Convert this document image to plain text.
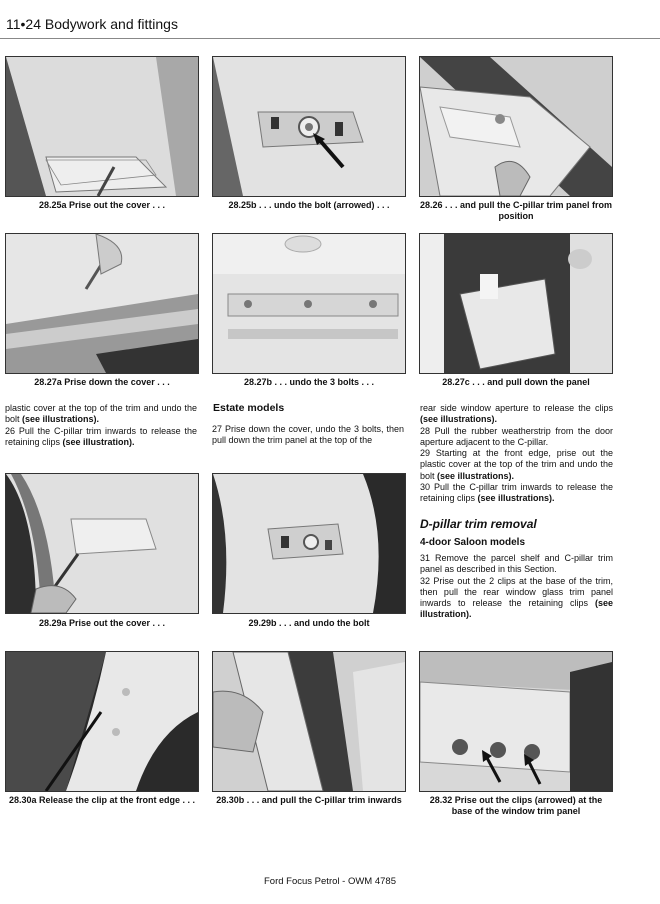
11•24 Bodywork and fittings
28.25a Prise out the cover . . .	28.25b . . . undo the bolt (arrowed) . . .	28.26 . . . and pull the C-pillar trim panel from position
28.27a Prise down the cover . . .	28.27b . . . undo the 3 bolts . . .	28.27c . . . and pull down the panel

plastic cover at the top of the trim and undo the bolt (see illustrations).

26 Pull the C-pillar trim inwards to release the retaining clips (see illustration).

Estate models

27 Prise down the cover, undo the 3 bolts, then pull down the trim panel at the top of the

rear side window aperture to release the clips (see illustrations).

28 Pull the rubber weatherstrip from the door aperture adjacent to the C-pillar.

29 Starting at the front edge, prise out the plastic cover at the top of the trim and undo the bolt (see illustrations).

30 Pull the C-pillar trim inwards to release the retaining clips (see illustrations).

D-pillar trim removal
4-door Saloon models

31 Remove the parcel shelf and C-pillar trim panel as described in this Section.

32 Prise out the 2 clips at the base of the trim, then pull the rear window glass trim panel inwards to release the retaining clips (see illustration).

28.29a Prise out the cover . . .	29.29b . . . and undo the bolt
28.30a Release the clip at the front edge . . .	28.30b . . . and pull the C-pillar trim inwards	28.32 Prise out the clips (arrowed) at the base of the window trim panel
Ford Focus Petrol - OWM 4785
